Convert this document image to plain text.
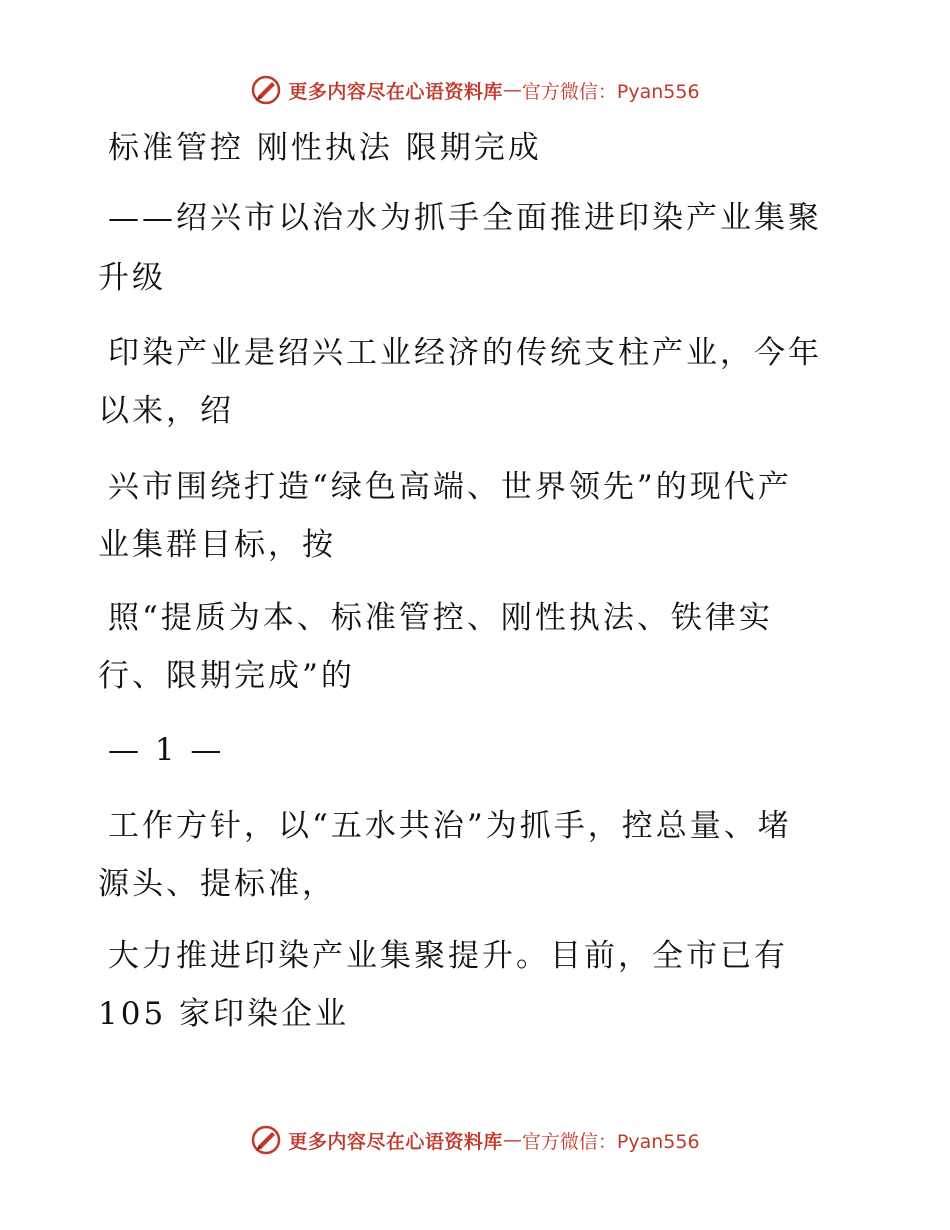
更多内容尽在心语资料库 — 官方微信：Pyan556
标准管控 刚性执法 限期完成
——绍兴市以治水为抓手全面推进印染产业集聚
升级
印染产业是绍兴工业经济的传统支柱产业，今年
以来，绍
兴市围绕打造“绿色高端、世界领先”的现代产
业集群目标，按
照“提质为本、标准管控、刚性执法、铁律实
行、限期完成”的
— 1 —
工作方针，以“五水共治”为抓手，控总量、堵
源头、提标准，
大力推进印染产业集聚提升。目前，全市已有
105 家印染企业
更多内容尽在心语资料库 — 官方微信：Pyan556
